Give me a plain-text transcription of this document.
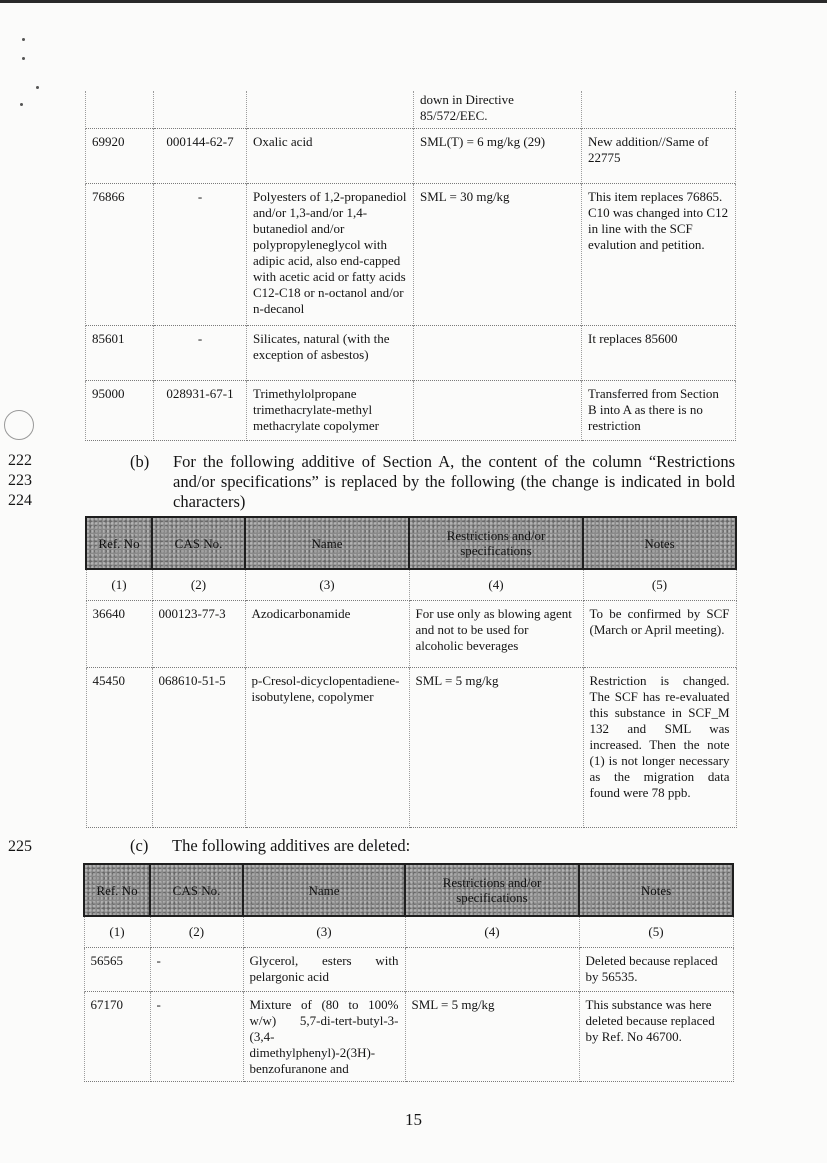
			down in Directive 85/572/EEC.	
69920	000144-62-7	Oxalic acid	SML(T) = 6 mg/kg (29)	New addition//Same of 22775
76866	-	Polyesters of 1,2-propanediol and/or 1,3-and/or 1,4-butanediol and/or polypropyleneglycol with adipic acid, also end-capped with acetic acid or fatty acids C12-C18 or n-octanol and/or n-decanol	SML = 30 mg/kg	This item replaces 76865. C10 was changed into C12 in line with the SCF evalution and petition.
85601	-	Silicates, natural (with the exception of asbestos)		It replaces 85600
95000	028931-67-1	Trimethylolpropane trimethacrylate-methyl methacrylate copolymer		Transferred from Section B into A as there is no restriction
222
223
224
225
(b) For the following additive of Section A, the content of the column “Restrictions and/or specifications” is replaced by the following (the change is indicated in bold characters)
Ref. No	CAS No.	Name	Restrictions and/or specifications	Notes
(1)	(2)	(3)	(4)	(5)
36640	000123-77-3	Azodicarbonamide	For use only as blowing agent and not to be used for alcoholic beverages	To be confirmed by SCF (March or April meeting).
45450	068610-51-5	p-Cresol-dicyclopentadiene-isobutylene, copolymer	SML = 5 mg/kg	Restriction is changed. The SCF has re-evaluated this substance in SCF_M 132 and SML was increased. Then the note (1) is not longer necessary as the migration data found were 78 ppb.
(c) The following additives are deleted:
Ref. No	CAS No.	Name	Restrictions and/or specifications	Notes
(1)	(2)	(3)	(4)	(5)
56565	-	Glycerol, esters with pelargonic acid		Deleted because replaced by 56535.
67170	-	Mixture of (80 to 100% w/w) 5,7-di-tert-butyl-3-(3,4-dimethylphenyl)-2(3H)-benzofuranone and	SML = 5 mg/kg	This substance was here deleted because replaced by Ref. No 46700.
15
